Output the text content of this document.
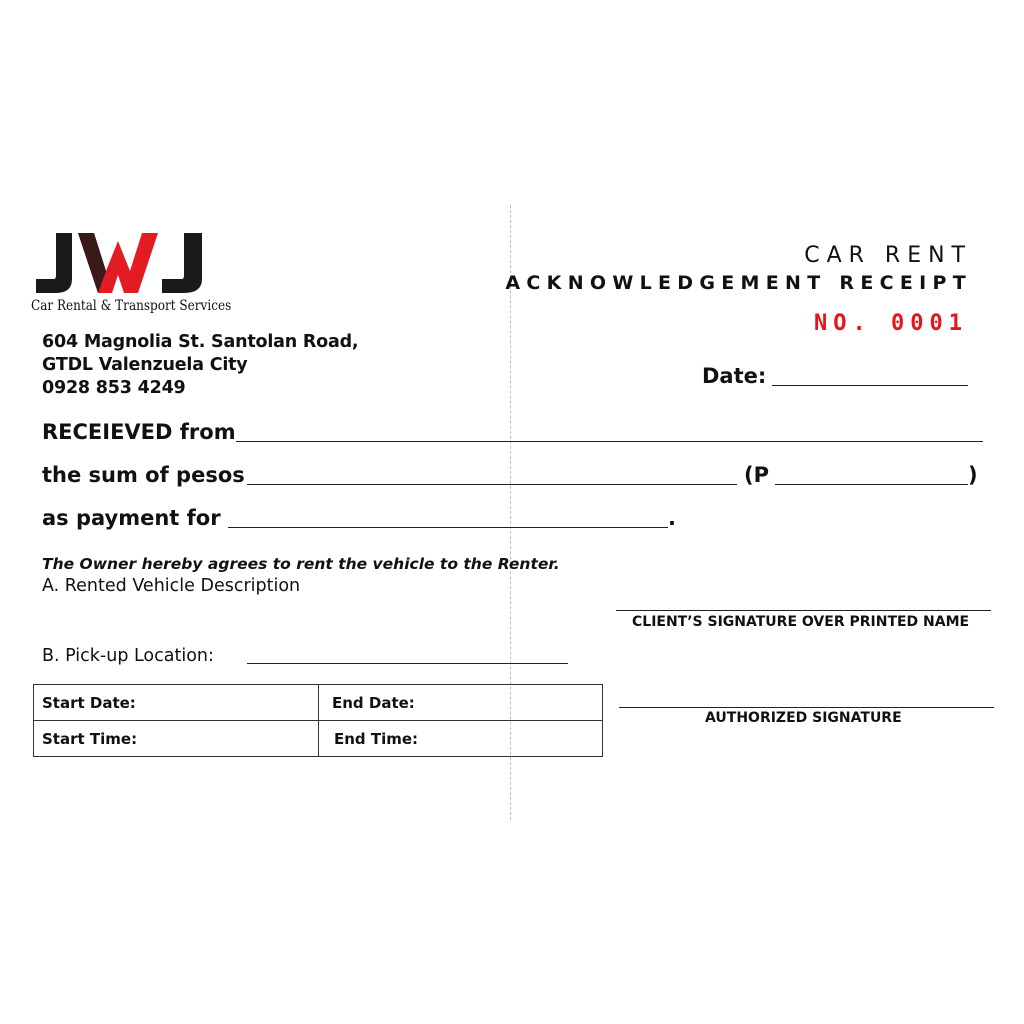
Car Rental & Transport Services
604 Magnolia St. Santolan Road,
GTDL Valenzuela City
0928 853 4249
CAR RENT
ACKNOWLEDGEMENT RECEIPT
NO. 0001
Date:
RECEIEVED from
the sum of pesos	(P	)
as payment for	.
The Owner hereby agrees to rent the vehicle to the Renter.
A. Rented Vehicle Description
B. Pick-up Location:
Start Date:	End Date:
Start Time:	End Time:
CLIENT’S SIGNATURE OVER PRINTED NAME
AUTHORIZED SIGNATURE
